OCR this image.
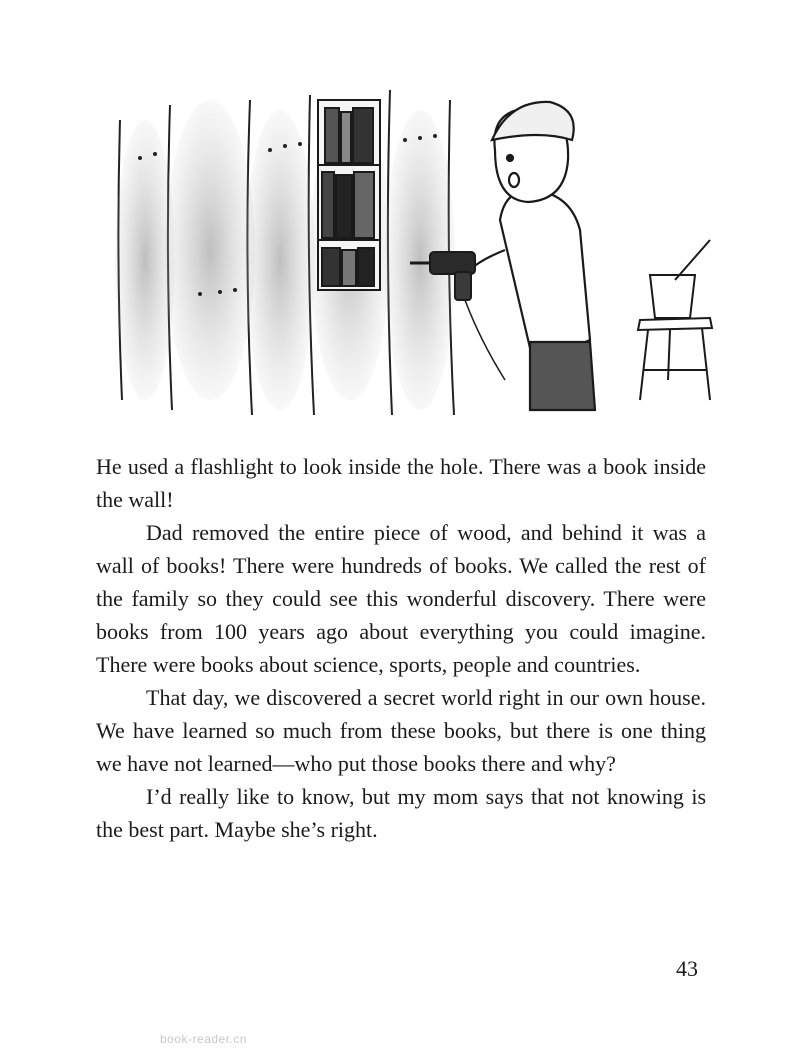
He used a flashlight to look inside the hole. There was a book inside the wall!

Dad removed the entire piece of wood, and behind it was a wall of books! There were hundreds of books. We called the rest of the family so they could see this wonderful discovery. There were books from 100 years ago about everything you could imagine. There were books about science, sports, people and countries.

That day, we discovered a secret world right in our own house. We have learned so much from these books, but there is one thing we have not learned—who put those books there and why?

I’d really like to know, but my mom says that not knowing is the best part. Maybe she’s right.

43
book-reader.cn
